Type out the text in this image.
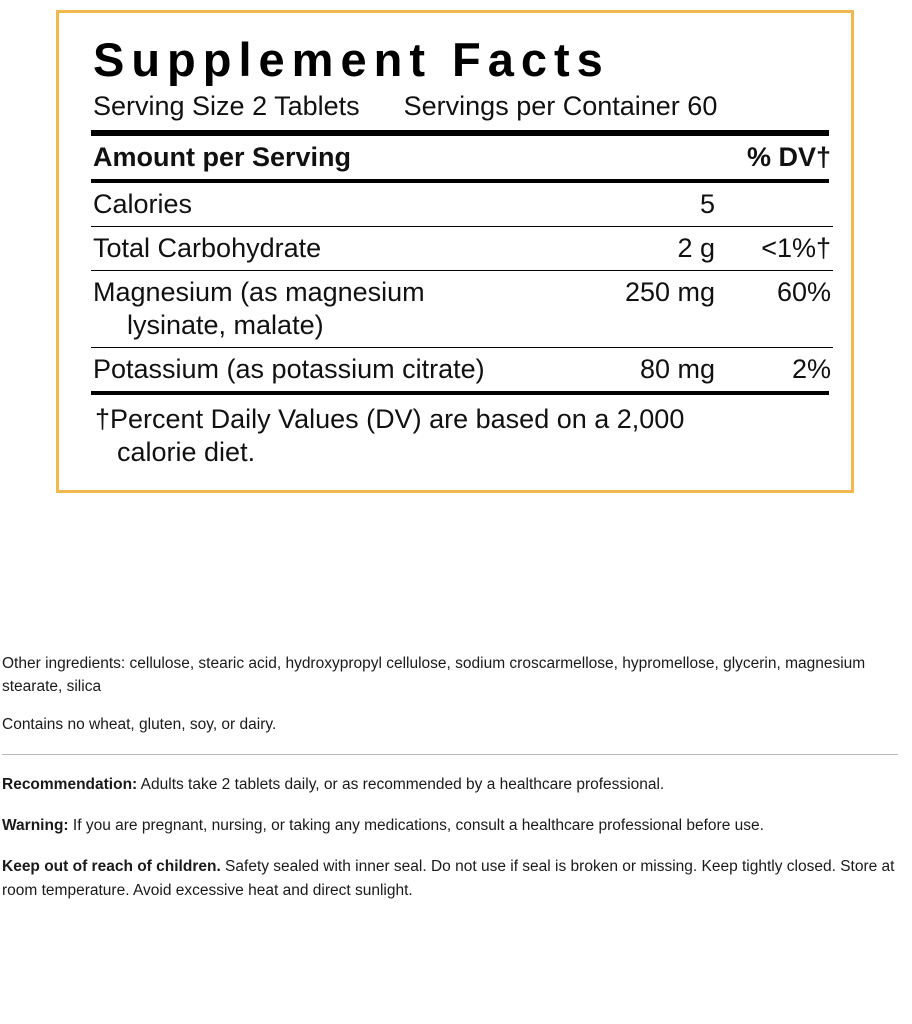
Supplement Facts
Serving Size 2 Tablets Servings per Container 60
Amount per Serving		% DV†
Calories	5	
Total Carbohydrate	2 g	<1%†
Magnesium (as magnesium
lysinate, malate)	250 mg	60%
Potassium (as potassium citrate)	80 mg	2%
†Percent Daily Values (DV) are based on a 2,000
calorie diet.

Other ingredients: cellulose, stearic acid, hydroxypropyl cellulose, sodium croscarmellose, hypromellose, glycerin, magnesium stearate, silica

Contains no wheat, gluten, soy, or dairy.

Recommendation: Adults take 2 tablets daily, or as recommended by a healthcare professional.

Warning: If you are pregnant, nursing, or taking any medications, consult a healthcare professional before use.

Keep out of reach of children. Safety sealed with inner seal. Do not use if seal is broken or missing. Keep tightly closed. Store at room temperature. Avoid excessive heat and direct sunlight.
